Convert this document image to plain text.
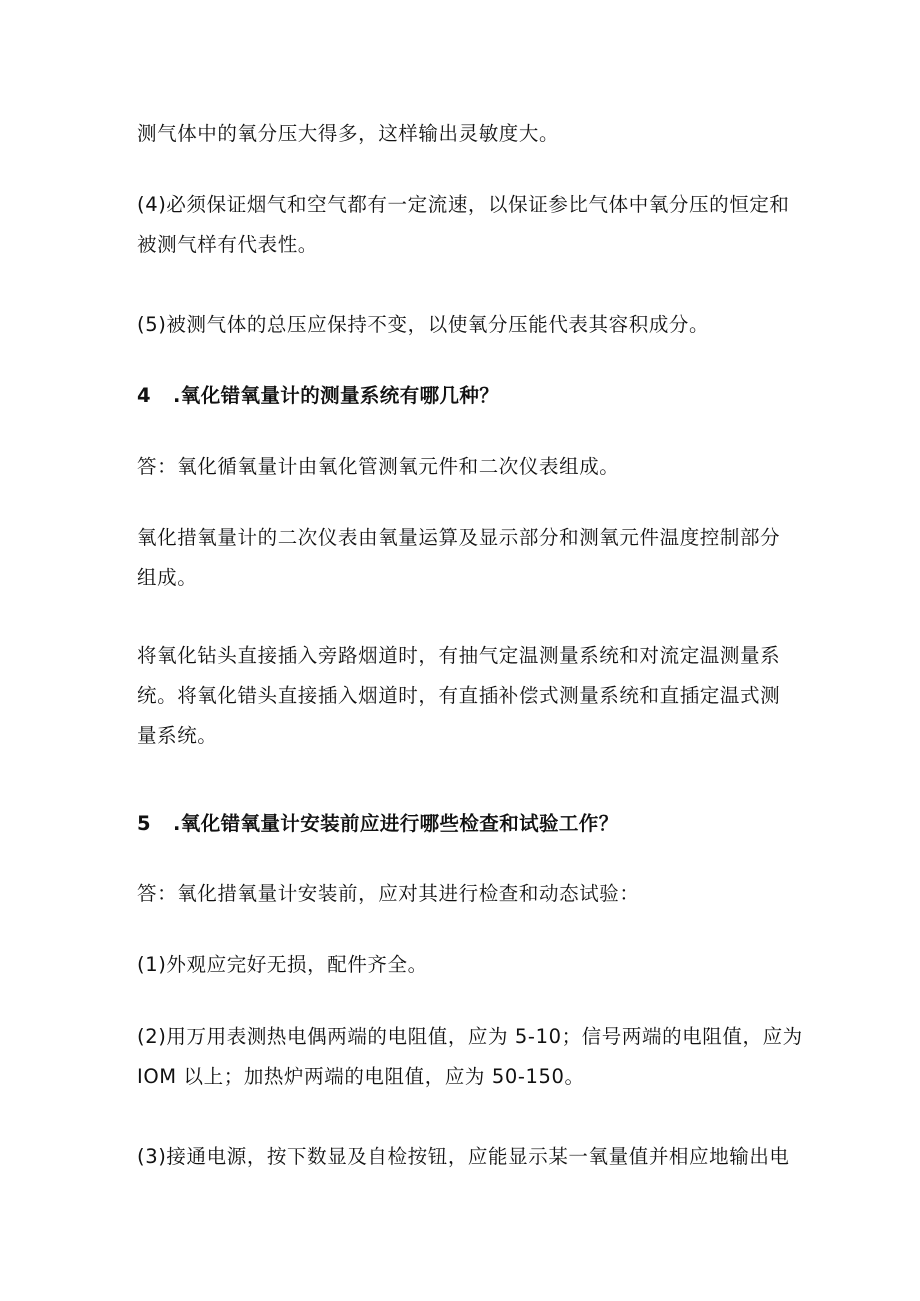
测气体中的氧分压大得多，这样输出灵敏度大。
(4)必须保证烟气和空气都有一定流速，以保证参比气体中氧分压的恒定和
被测气样有代表性。
(5)被测气体的总压应保持不变，以使氧分压能代表其容积成分。
4 .氧化错氧量计的测量系统有哪几种？
答：氧化循氧量计由氧化管测氧元件和二次仪表组成。
氧化措氧量计的二次仪表由氧量运算及显示部分和测氧元件温度控制部分
组成。
将氧化钻头直接插入旁路烟道时，有抽气定温测量系统和对流定温测量系
统。将氧化错头直接插入烟道时，有直插补偿式测量系统和直插定温式测
量系统。
5 .氧化错氧量计安装前应进行哪些检查和试验工作？
答：氧化措氧量计安装前，应对其进行检查和动态试验：
(1)外观应完好无损，配件齐全。
(2)用万用表测热电偶两端的电阻值，应为 5-10；信号两端的电阻值，应为
IOM 以上；加热炉两端的电阻值，应为 50-150。
(3)接通电源，按下数显及自检按钮，应能显示某一氧量值并相应地输出电
